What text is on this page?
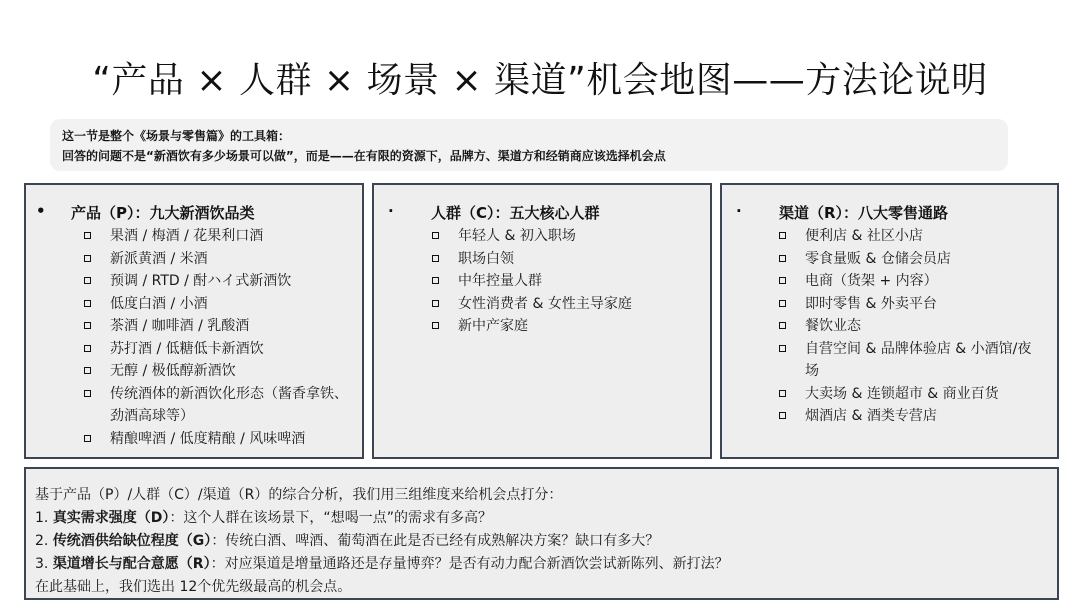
“产品 × 人群 × 场景 × 渠道”机会地图——方法论说明
这一节是整个《场景与零售篇》的工具箱：
回答的问题不是“新酒饮有多少场景可以做”，而是——在有限的资源下，品牌方、渠道方和经销商应该选择机会点
• 产品（P）：九大新酒饮品类
果酒 / 梅酒 / 花果利口酒
新派黄酒 / 米酒
预调 / RTD / 酎ハイ式新酒饮
低度白酒 / 小酒
茶酒 / 咖啡酒 / 乳酸酒
苏打酒 / 低糖低卡新酒饮
无醇 / 极低醇新酒饮
传统酒体的新酒饮化形态（酱香拿铁、劲酒高球等）
精酿啤酒 / 低度精酿 / 风味啤酒
· 人群（C）：五大核心人群
年轻人 & 初入职场
职场白领
中年控量人群
女性消费者 & 女性主导家庭
新中产家庭
· 渠道（R）：八大零售通路
便利店 & 社区小店
零食量贩 & 仓储会员店
电商（货架 + 内容）
即时零售 & 外卖平台
餐饮业态
自营空间 & 品牌体验店 & 小酒馆/夜场
大卖场 & 连锁超市 & 商业百货
烟酒店 & 酒类专营店
基于产品（P）/人群（C）/渠道（R）的综合分析，我们用三组维度来给机会点打分：
1. 真实需求强度（D）：这个人群在该场景下，“想喝一点”的需求有多高？
2. 传统酒供给缺位程度（G）：传统白酒、啤酒、葡萄酒在此是否已经有成熟解决方案？缺口有多大？
3. 渠道增长与配合意愿（R）：对应渠道是增量通路还是存量博弈？是否有动力配合新酒饮尝试新陈列、新打法？
在此基础上，我们选出 12个优先级最高的机会点。
